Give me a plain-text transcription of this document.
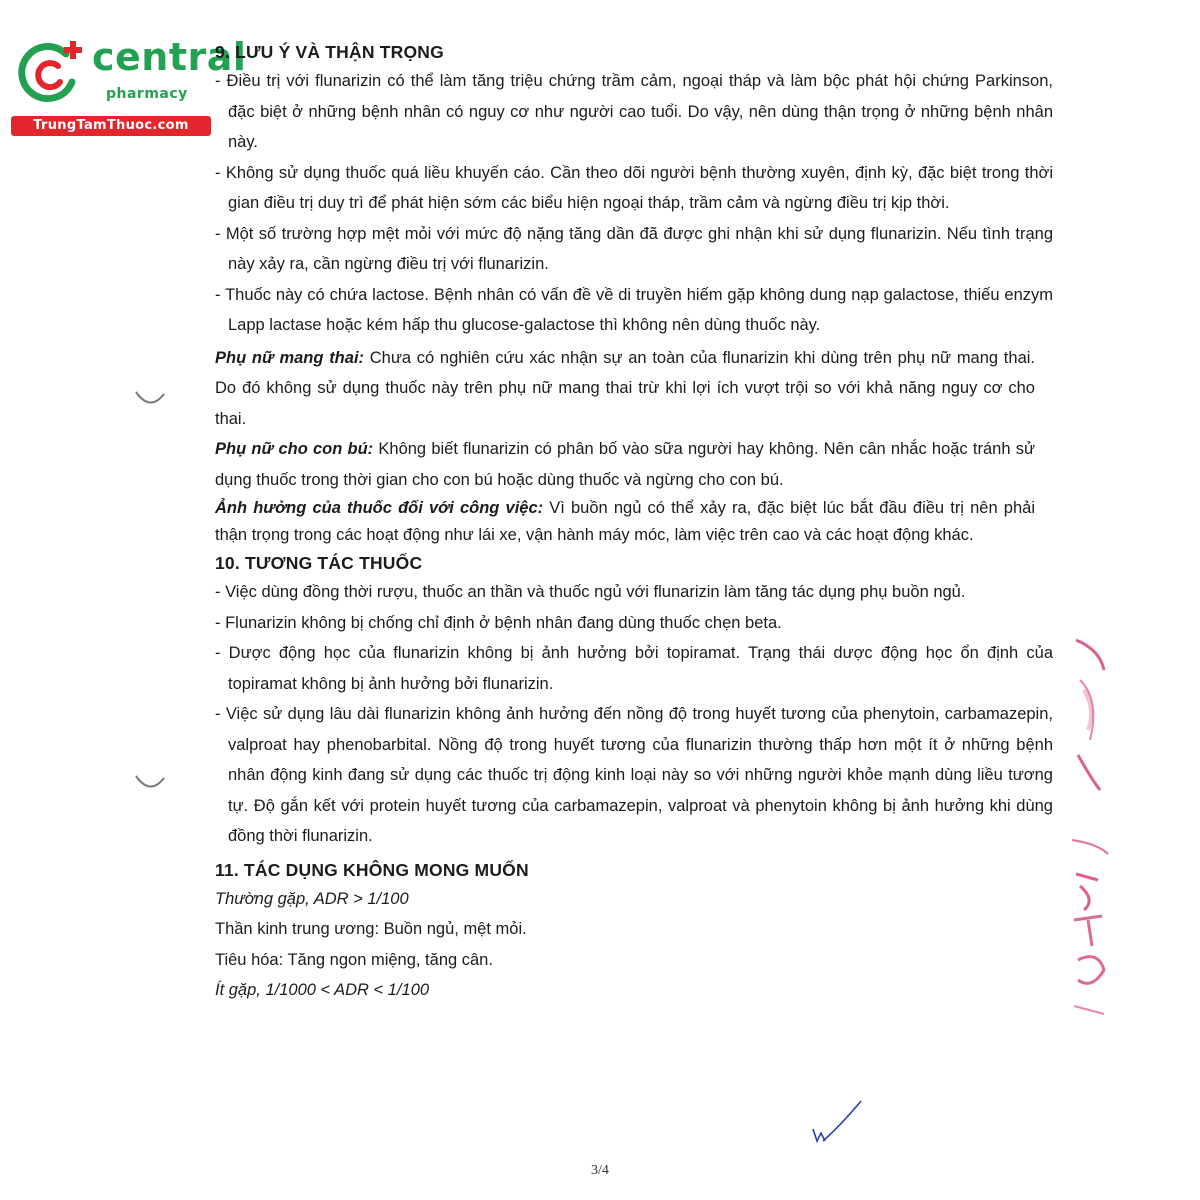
central
pharmacy
TrungTamThuoc.com

9. LƯU Ý VÀ THẬN TRỌNG

- Điều trị với flunarizin có thể làm tăng triệu chứng trầm cảm, ngoại tháp và làm bộc phát hội chứng Parkinson, đặc biệt ở những bệnh nhân có nguy cơ như người cao tuổi. Do vậy, nên dùng thận trọng ở những bệnh nhân này.

- Không sử dụng thuốc quá liều khuyến cáo. Cần theo dõi người bệnh thường xuyên, định kỳ, đặc biệt trong thời gian điều trị duy trì để phát hiện sớm các biểu hiện ngoại tháp, trầm cảm và ngừng điều trị kịp thời.

- Một số trường hợp mệt mỏi với mức độ nặng tăng dần đã được ghi nhận khi sử dụng flunarizin. Nếu tình trạng này xảy ra, cần ngừng điều trị với flunarizin.

- Thuốc này có chứa lactose. Bệnh nhân có vấn đề về di truyền hiếm gặp không dung nạp galactose, thiếu enzym Lapp lactase hoặc kém hấp thu glucose-galactose thì không nên dùng thuốc này.

Phụ nữ mang thai: Chưa có nghiên cứu xác nhận sự an toàn của flunarizin khi dùng trên phụ nữ mang thai. Do đó không sử dụng thuốc này trên phụ nữ mang thai trừ khi lợi ích vượt trội so với khả năng nguy cơ cho thai.

Phụ nữ cho con bú: Không biết flunarizin có phân bố vào sữa người hay không. Nên cân nhắc hoặc tránh sử dụng thuốc trong thời gian cho con bú hoặc dùng thuốc và ngừng cho con bú.

Ảnh hưởng của thuốc đối với công việc: Vì buồn ngủ có thể xảy ra, đặc biệt lúc bắt đầu điều trị nên phải thận trọng trong các hoạt động như lái xe, vận hành máy móc, làm việc trên cao và các hoạt động khác.

10. TƯƠNG TÁC THUỐC

- Việc dùng đồng thời rượu, thuốc an thần và thuốc ngủ với flunarizin làm tăng tác dụng phụ buồn ngủ.

- Flunarizin không bị chống chỉ định ở bệnh nhân đang dùng thuốc chẹn beta.

- Dược động học của flunarizin không bị ảnh hưởng bởi topiramat. Trạng thái dược động học ổn định của topiramat không bị ảnh hưởng bởi flunarizin.

- Việc sử dụng lâu dài flunarizin không ảnh hưởng đến nồng độ trong huyết tương của phenytoin, carbamazepin, valproat hay phenobarbital. Nồng độ trong huyết tương của flunarizin thường thấp hơn một ít ở những bệnh nhân động kinh đang sử dụng các thuốc trị động kinh loại này so với những người khỏe mạnh dùng liều tương tự. Độ gắn kết với protein huyết tương của carbamazepin, valproat và phenytoin không bị ảnh hưởng khi dùng đồng thời flunarizin.

11. TÁC DỤNG KHÔNG MONG MUỐN

Thường gặp, ADR > 1/100

Thần kinh trung ương: Buồn ngủ, mệt mỏi.

Tiêu hóa: Tăng ngon miệng, tăng cân.

Ít gặp, 1/1000 < ADR < 1/100

3/4
